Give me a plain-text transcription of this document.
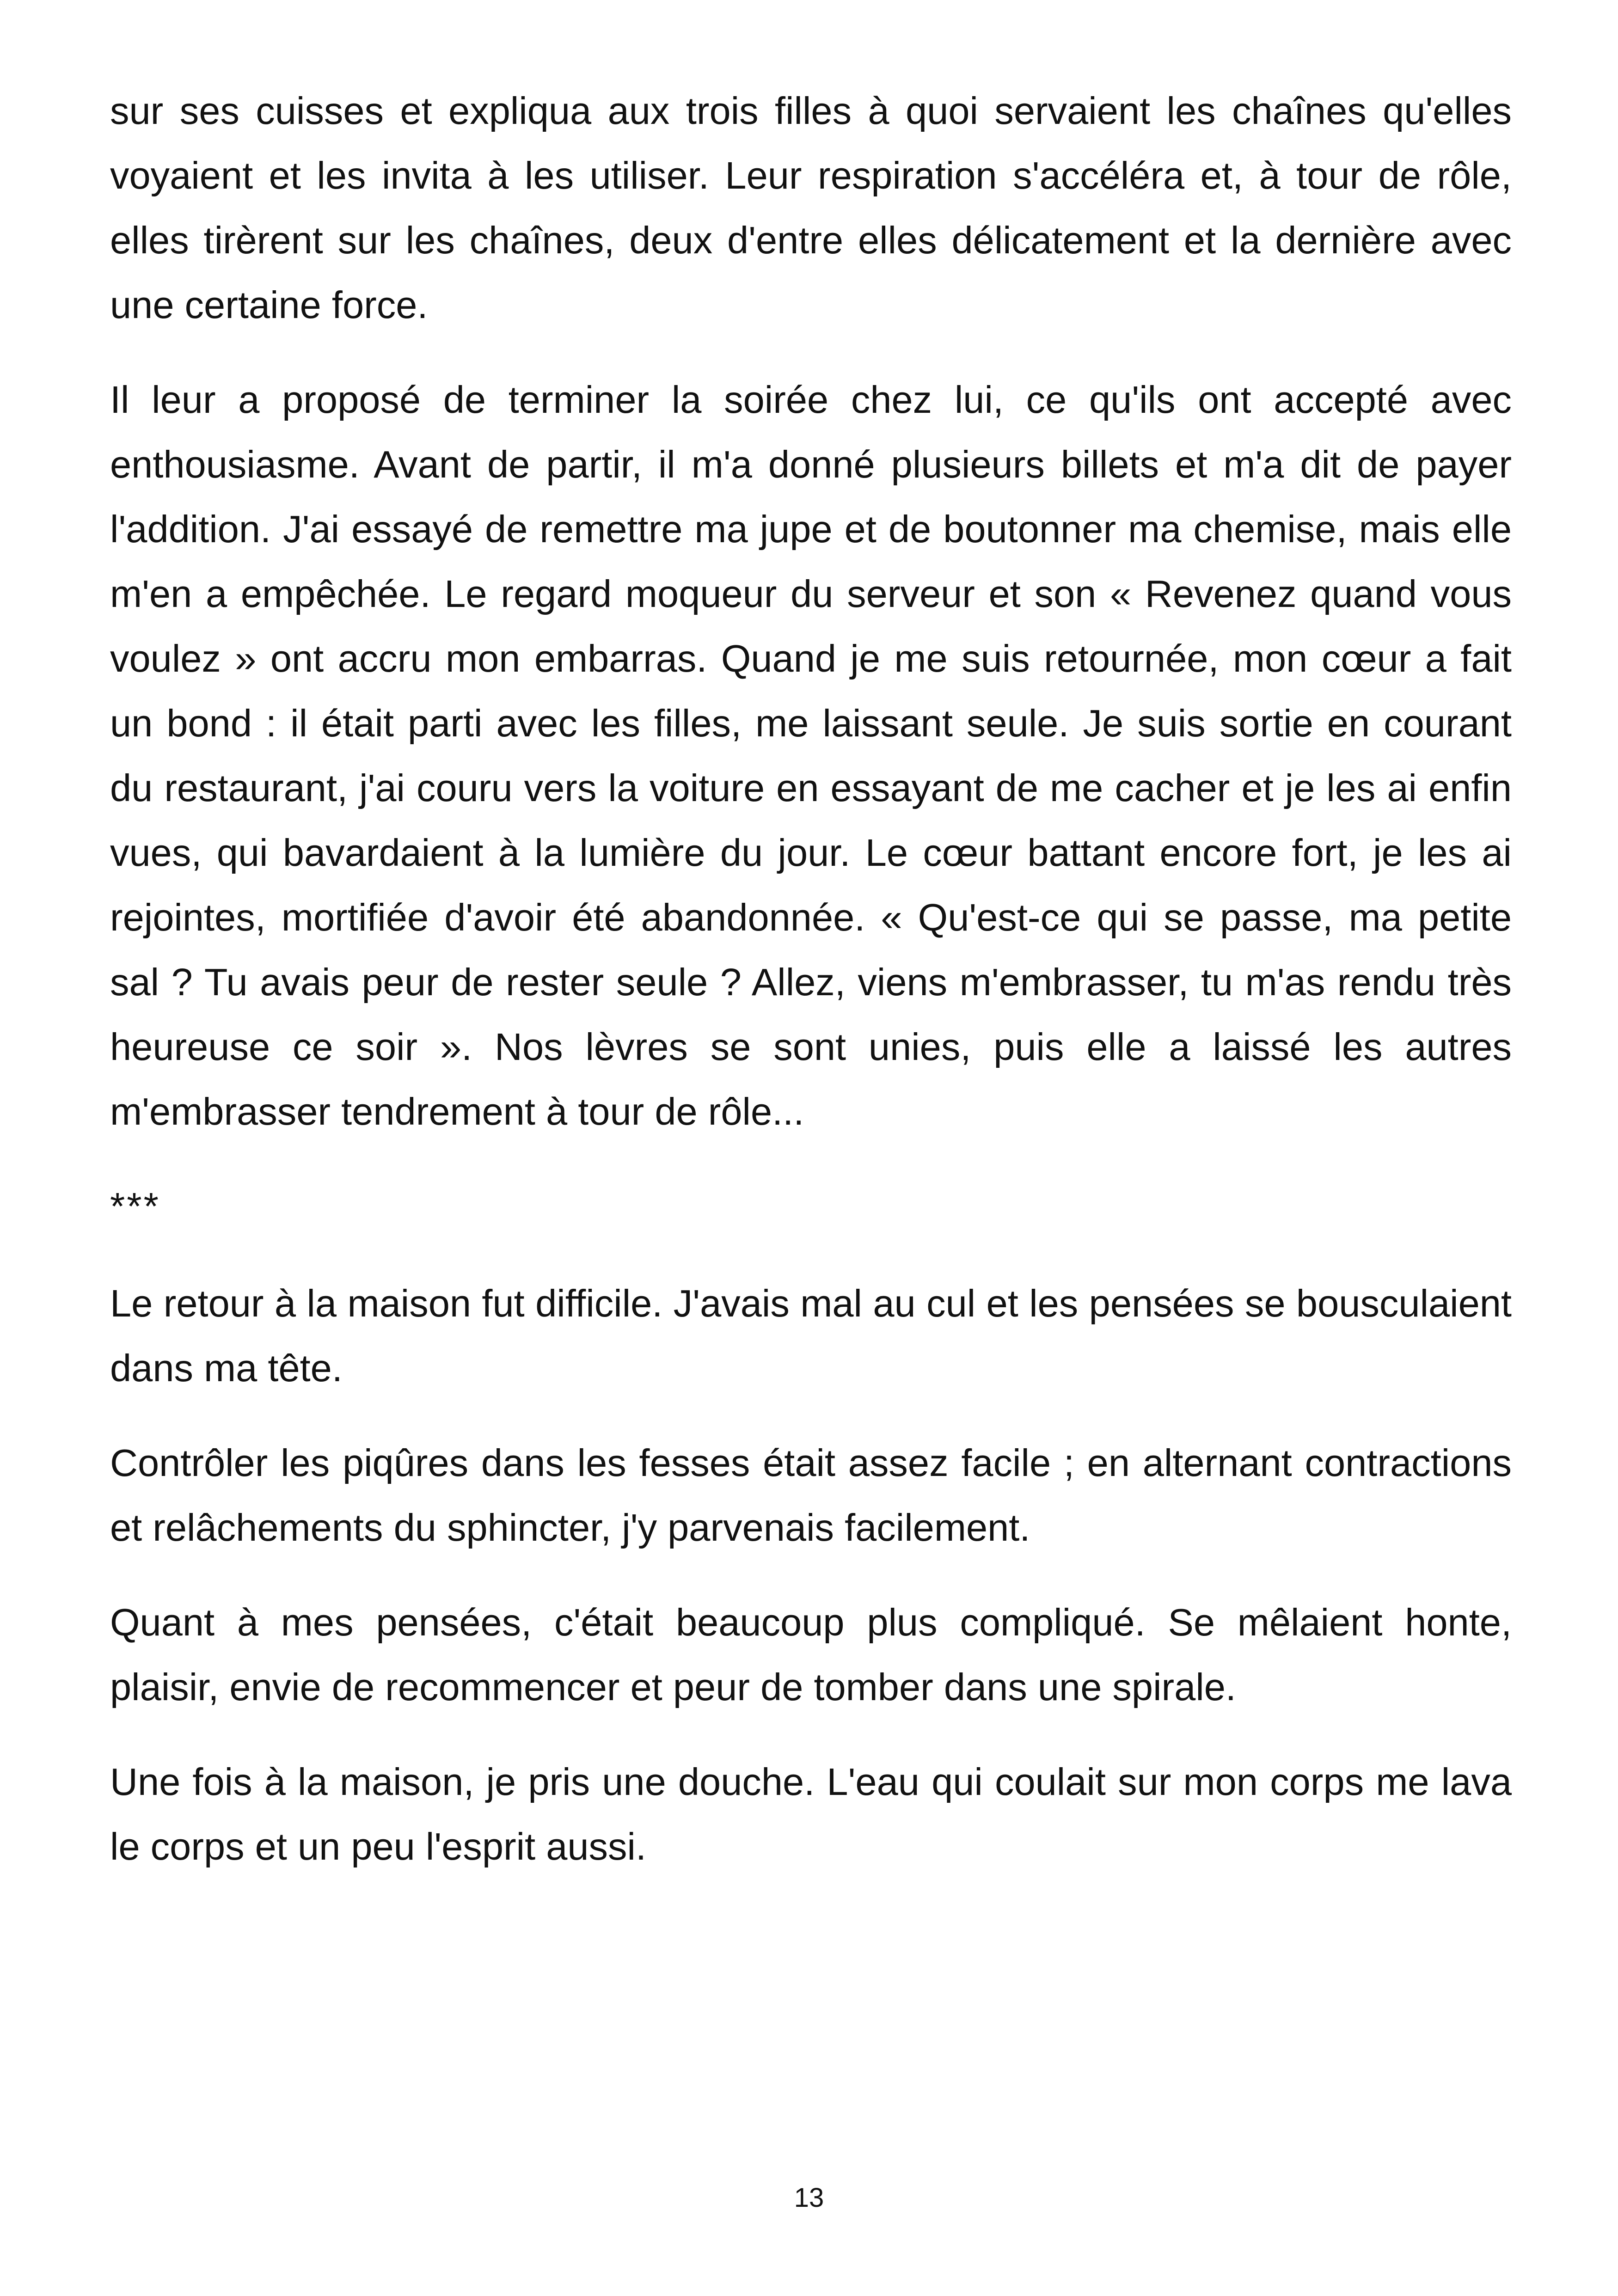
sur ses cuisses et expliqua aux trois filles à quoi servaient les chaînes qu'elles voyaient et les invita à les utiliser. Leur respiration s'accéléra et, à tour de rôle, elles tirèrent sur les chaînes, deux d'entre elles délicatement et la dernière avec une certaine force.

Il leur a proposé de terminer la soirée chez lui, ce qu'ils ont accepté avec enthousiasme. Avant de partir, il m'a donné plusieurs billets et m'a dit de payer l'addition. J'ai essayé de remettre ma jupe et de boutonner ma chemise, mais elle m'en a empêchée. Le regard moqueur du serveur et son « Revenez quand vous voulez » ont accru mon embarras. Quand je me suis retournée, mon cœur a fait un bond : il était parti avec les filles, me laissant seule. Je suis sortie en courant du restaurant, j'ai couru vers la voiture en essayant de me cacher et je les ai enfin vues, qui bavardaient à la lumière du jour. Le cœur battant encore fort, je les ai rejointes, mortifiée d'avoir été abandonnée. « Qu'est-ce qui se passe, ma petite sal ? Tu avais peur de rester seule ? Allez, viens m'embrasser, tu m'as rendu très heureuse ce soir ». Nos lèvres se sont unies, puis elle a laissé les autres m'embrasser tendrement à tour de rôle...

***

Le retour à la maison fut difficile. J'avais mal au cul et les pensées se bousculaient dans ma tête.

Contrôler les piqûres dans les fesses était assez facile ; en alternant contractions et relâchements du sphincter, j'y parvenais facilement.

Quant à mes pensées, c'était beaucoup plus compliqué. Se mêlaient honte, plaisir, envie de recommencer et peur de tomber dans une spirale.

Une fois à la maison, je pris une douche. L'eau qui coulait sur mon corps me lava le corps et un peu l'esprit aussi.

13
